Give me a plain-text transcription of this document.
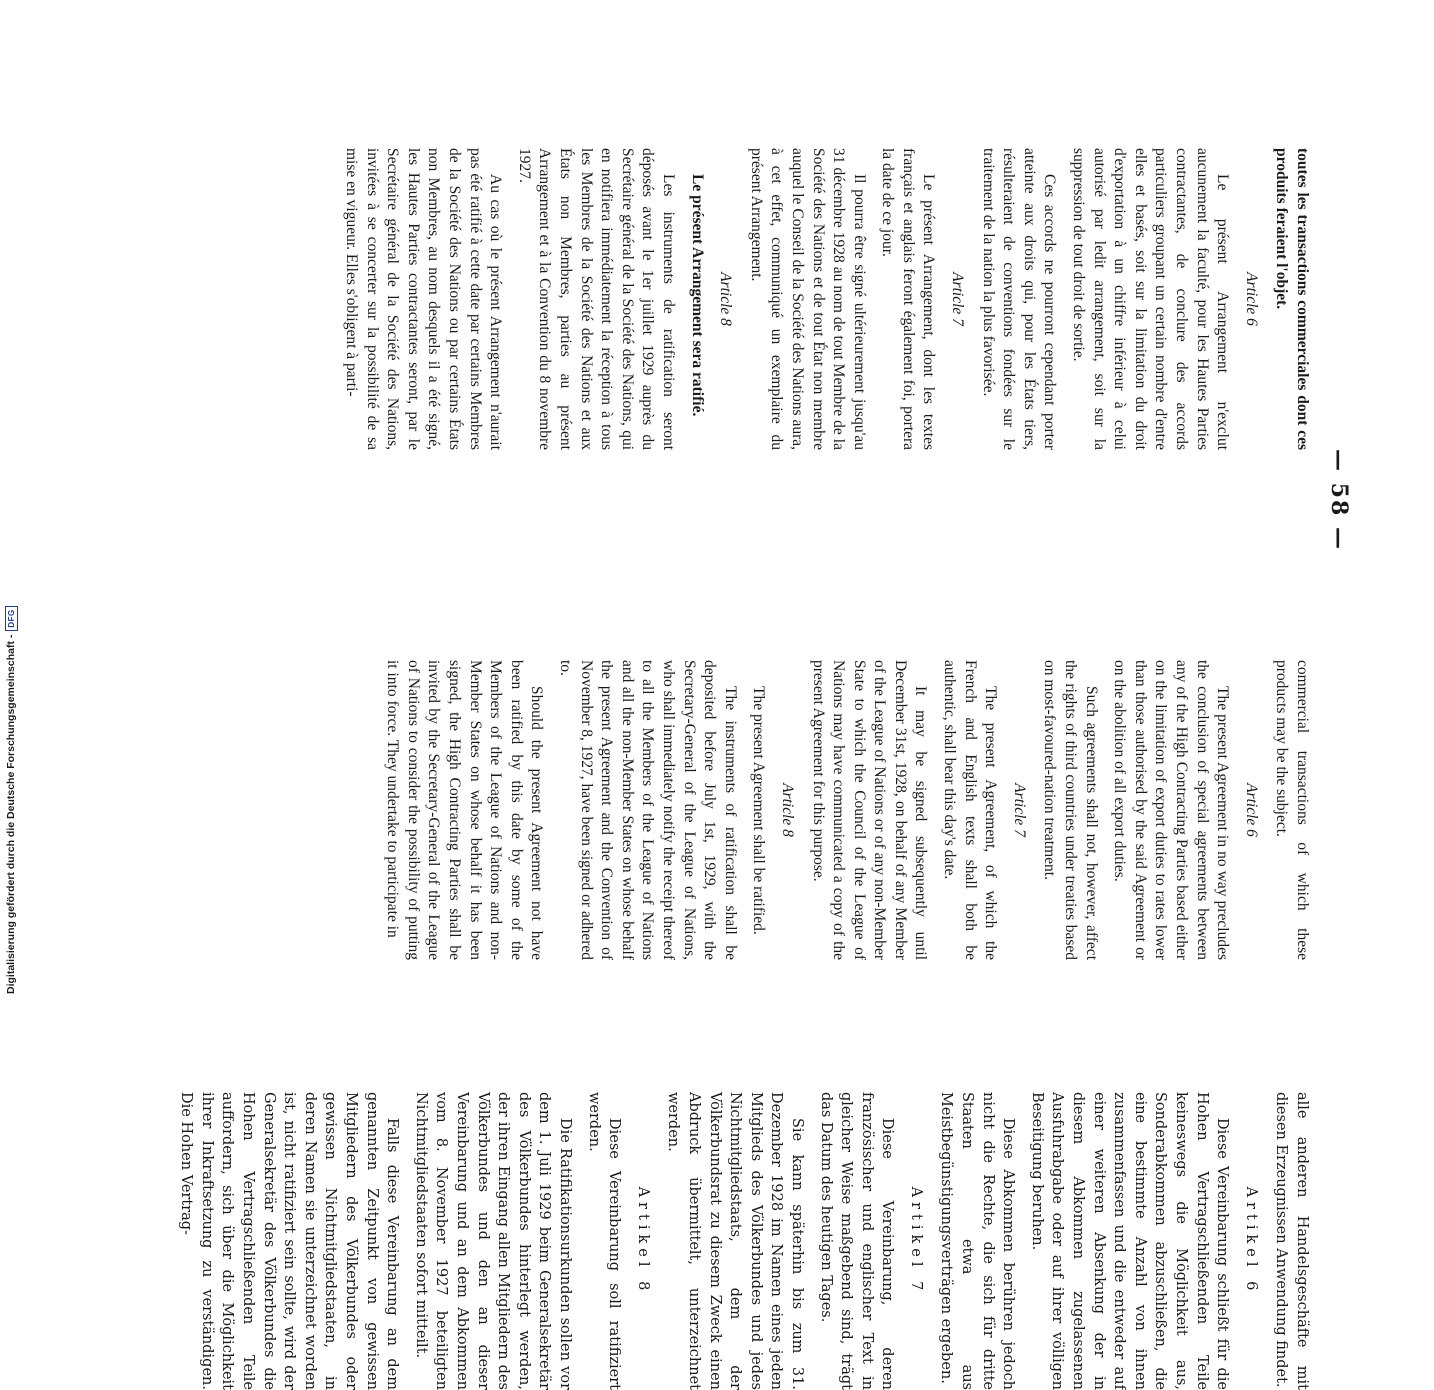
— 58 —

toutes les transactions commerciales dont ces produits feraient l'objet.

Article 6

Le présent Arrangement n'exclut aucunement la faculté, pour les Hautes Parties contractantes, de conclure des accords particuliers groupant un certain nombre d'entre elles et basés, soit sur la limitation du droit d'exportation à un chiffre inférieur à celui autorisé par ledit arrangement, soit sur la suppression de tout droit de sortie.

Ces accords ne pourront cependant porter atteinte aux droits qui, pour les États tiers, résulteraient de conventions fondées sur le traitement de la nation la plus favorisée.

Article 7

Le présent Arrangement, dont les textes français et anglais feront également foi, portera la date de ce jour.

Il pourra être signé ultérieurement jusqu'au 31 décembre 1928 au nom de tout Membre de la Société des Nations et de tout État non membre auquel le Conseil de la Société des Nations aura, à cet effet, communiqué un exemplaire du présent Arrangement.

Article 8

Le présent Arrangement sera ratifié.

Les instruments de ratification seront déposés avant le 1er juillet 1929 auprès du Secrétaire général de la Société des Nations, qui en notifiera immédiatement la réception à tous les Membres de la Société des Nations et aux États non Membres, parties au présent Arrangement et à la Convention du 8 novembre 1927.

Au cas où le présent Arrangement n'aurait pas été ratifié à cette date par certains Membres de la Société des Nations ou par certains États non Membres, au nom desquels il a été signé, les Hautes Parties contractantes seront, par le Secrétaire général de la Société des Nations, invitées à se concerter sur la possibilité de sa mise en vigueur. Elles s'obligent à parti-

commercial transactions of which these products may be the subject.

Article 6

The present Agreement in no way precludes the conclusion of special agreements between any of the High Contracting Parties based either on the limitation of export duties to rates lower than those authorised by the said Agreement or on the abolition of all export duties.

Such agreements shall not, however, affect the rights of third countries under treaties based on most-favoured-nation treatment.

Article 7

The present Agreement, of which the French and English texts shall both be authentic, shall bear this day's date.

It may be signed subsequently until December 31st, 1928, on behalf of any Member of the League of Nations or of any non-Member State to which the Council of the League of Nations may have communicated a copy of the present Agreement for this purpose.

Article 8

The present Agreement shall be ratified.

The instruments of ratification shall be deposited before July 1st, 1929, with the Secretary-General of the League of Nations, who shall immediately notify the receipt thereof to all the Members of the League of Nations and all the non-Member States on whose behalf the present Agreement and the Convention of November 8, 1927, have been signed or adhered to.

Should the present Agreement not have been ratified by this date by some of the Members of the League of Nations and non-Member States on whose behalf it has been signed, the High Contracting Parties shall be invited by the Secretary-General of the League of Nations to consider the possibility of putting it into force. They undertake to participate in

alle anderen Handelsgeschäfte mit diesen Erzeugnissen Anwendung findet.

Artikel 6

Diese Vereinbarung schließt für die Hohen Vertragschließenden Teile keineswegs die Möglichkeit aus, Sonderabkommen abzuschließen, die eine bestimmte Anzahl von ihnen zusammenfassen und die entweder auf einer weiteren Absenkung der in diesem Abkommen zugelassenen Ausfuhrabgabe oder auf ihrer völligen Beseitigung beruhen.

Diese Abkommen berühren jedoch nicht die Rechte, die sich für dritte Staaten etwa aus Meistbegünstigungsverträgen ergeben.

Artikel 7

Diese Vereinbarung, deren französischer und englischer Text in gleicher Weise maßgebend sind, trägt das Datum des heutigen Tages.

Sie kann späterhin bis zum 31. Dezember 1928 im Namen eines jeden Mitglieds des Völkerbundes und jedes Nichtmitgliedstaats, dem der Völkerbundsrat zu diesem Zweck einen Abdruck übermittelt, unterzeichnet werden.

Artikel 8

Diese Vereinbarung soll ratifiziert werden.

Die Ratifikationsurkunden sollen vor dem 1. Juli 1929 beim Generalsekretär des Völkerbundes hinterlegt werden, der ihren Eingang allen Mitgliedern des Völkerbundes und den an dieser Vereinbarung und an dem Abkommen vom 8. November 1927 beteiligten Nichtmitgliedstaaten sofort mitteilt.

Falls diese Vereinbarung an dem genannten Zeitpunkt von gewissen Mitgliedern des Völkerbundes oder gewissen Nichtmitgliedstaaten, in deren Namen sie unterzeichnet worden ist, nicht ratifiziert sein sollte, wird der Generalsekretär des Völkerbundes die Hohen Vertragschließenden Teile auffordern, sich über die Möglichkeit ihrer Inkraftsetzung zu verständigen. Die Hohen Vertrag-

Digitalisierung gefördert durch die Deutsche Forschungsgemeinschaft -
DFG
